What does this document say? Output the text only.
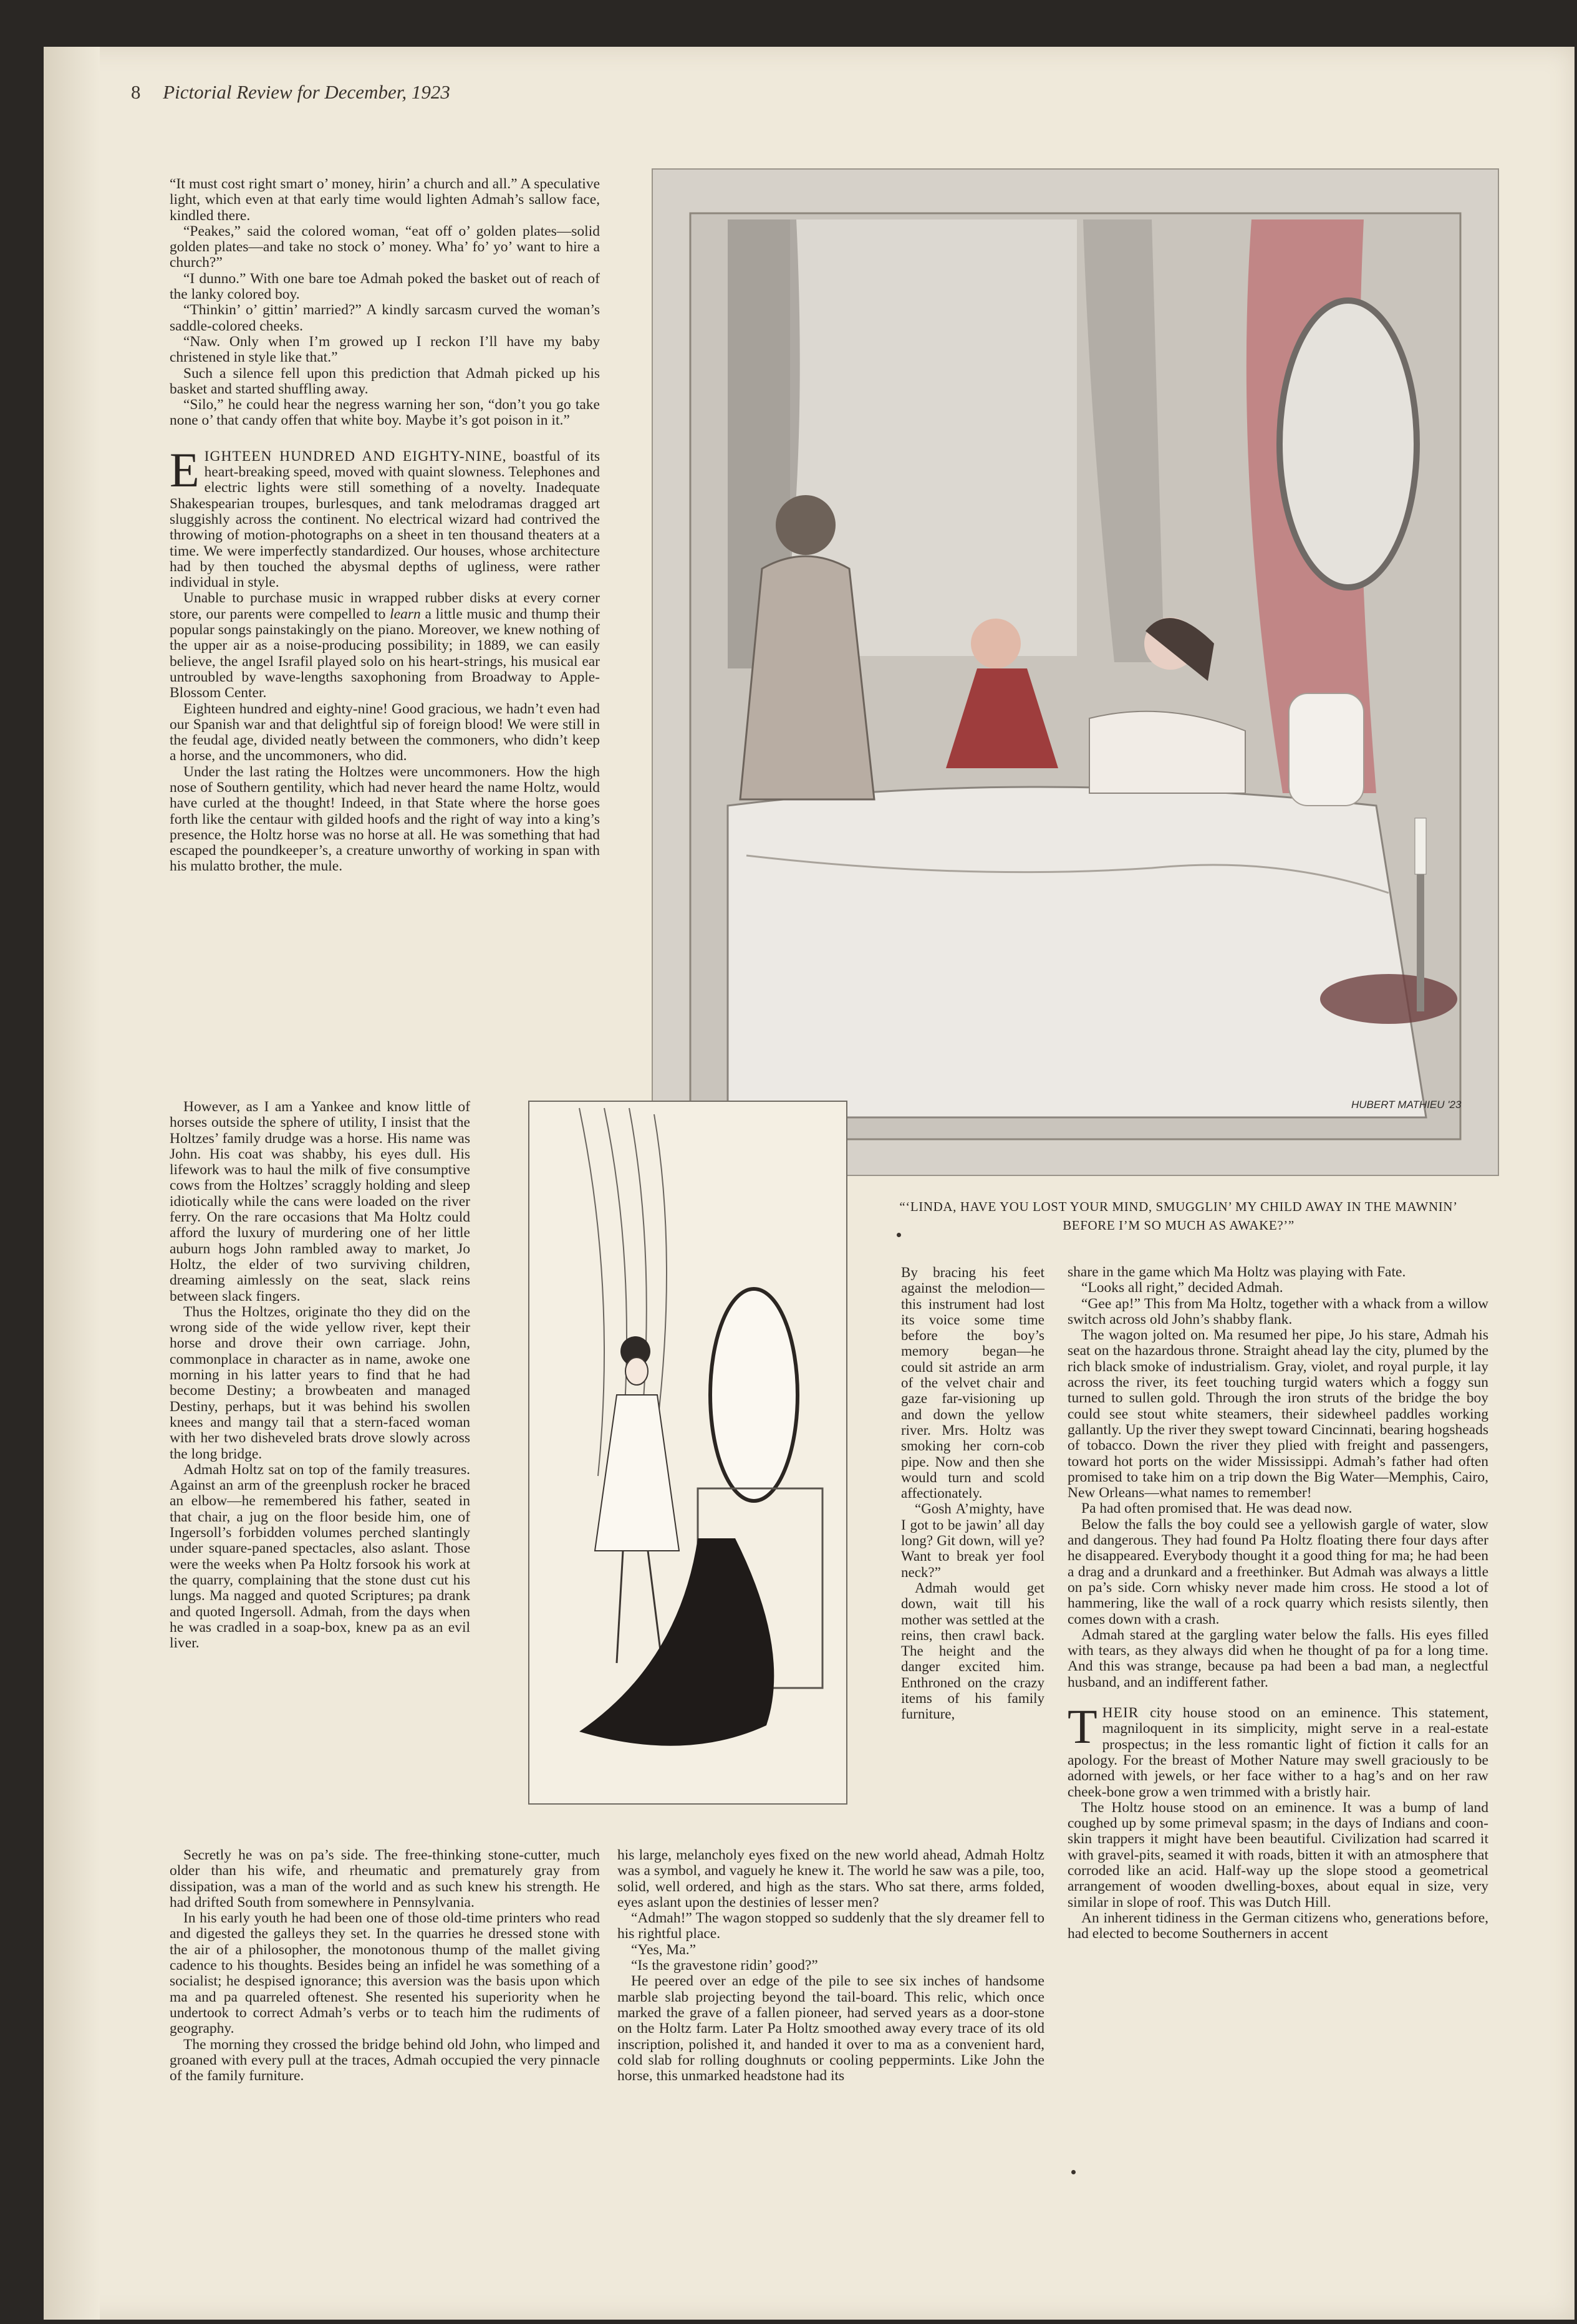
8 Pictorial Review for December, 1923

“It must cost right smart o’ money, hirin’ a church and all.” A speculative light, which even at that early time would lighten Admah’s sallow face, kindled there.

“Peakes,” said the colored woman, “eat off o’ golden plates—solid golden plates—and take no stock o’ money. Wha’ fo’ yo’ want to hire a church?”

“I dunno.” With one bare toe Admah poked the basket out of reach of the lanky colored boy.

“Thinkin’ o’ gittin’ married?” A kindly sarcasm curved the woman’s saddle-colored cheeks.

“Naw. Only when I’m growed up I reckon I’ll have my baby christened in style like that.”

Such a silence fell upon this prediction that Admah picked up his basket and started shuffling away.

“Silo,” he could hear the negress warning her son, “don’t you go take none o’ that candy offen that white boy. Maybe it’s got poison in it.”

EIGHTEEN HUNDRED AND EIGHTY-NINE, boastful of its heart-breaking speed, moved with quaint slowness. Telephones and electric lights were still something of a novelty. Inadequate Shakespearian troupes, burlesques, and tank melodramas dragged art sluggishly across the continent. No electrical wizard had contrived the throwing of motion-photographs on a sheet in ten thousand theaters at a time. We were imperfectly standardized. Our houses, whose architecture had by then touched the abysmal depths of ugliness, were rather individual in style.

Unable to purchase music in wrapped rubber disks at every corner store, our parents were compelled to learn a little music and thump their popular songs painstakingly on the piano. Moreover, we knew nothing of the upper air as a noise-producing possibility; in 1889, we can easily believe, the angel Israfil played solo on his heart-strings, his musical ear untroubled by wave-lengths saxophoning from Broadway to Apple-Blossom Center.

Eighteen hundred and eighty-nine! Good gracious, we hadn’t even had our Spanish war and that delightful sip of foreign blood! We were still in the feudal age, divided neatly between the commoners, who didn’t keep a horse, and the uncommoners, who did.

Under the last rating the Holtzes were uncommoners. How the high nose of Southern gentility, which had never heard the name Holtz, would have curled at the thought! Indeed, in that State where the horse goes forth like the centaur with gilded hoofs and the right of way into a king’s presence, the Holtz horse was no horse at all. He was something that had escaped the poundkeeper’s, a creature unworthy of working in span with his mulatto brother, the mule.

However, as I am a Yankee and know little of horses outside the sphere of utility, I insist that the Holtzes’ family drudge was a horse. His name was John. His coat was shabby, his eyes dull. His lifework was to haul the milk of five consumptive cows from the Holtzes’ scraggly holding and sleep idiotically while the cans were loaded on the river ferry. On the rare occasions that Ma Holtz could afford the luxury of murdering one of her little auburn hogs John rambled away to market, Jo Holtz, the elder of two surviving children, dreaming aimlessly on the seat, slack reins between slack fingers.

Thus the Holtzes, originate tho they did on the wrong side of the wide yellow river, kept their horse and drove their own carriage. John, commonplace in character as in name, awoke one morning in his latter years to find that he had become Destiny; a browbeaten and managed Destiny, perhaps, but it was behind his swollen knees and mangy tail that a stern-faced woman with her two disheveled brats drove slowly across the long bridge.

Admah Holtz sat on top of the family treasures. Against an arm of the greenplush rocker he braced an elbow—he remembered his father, seated in that chair, a jug on the floor beside him, one of Ingersoll’s forbidden volumes perched slantingly under square-paned spectacles, also aslant. Those were the weeks when Pa Holtz forsook his work at the quarry, complaining that the stone dust cut his lungs. Ma nagged and quoted Scriptures; pa drank and quoted Ingersoll. Admah, from the days when he was cradled in a soap-box, knew pa as an evil liver.

Secretly he was on pa’s side. The free-thinking stone-cutter, much older than his wife, and rheumatic and prematurely gray from dissipation, was a man of the world and as such knew his strength. He had drifted South from somewhere in Pennsylvania.

In his early youth he had been one of those old-time printers who read and digested the galleys they set. In the quarries he dressed stone with the air of a philosopher, the monotonous thump of the mallet giving cadence to his thoughts. Besides being an infidel he was something of a socialist; he despised ignorance; this aversion was the basis upon which ma and pa quarreled oftenest. She resented his superiority when he undertook to correct Admah’s verbs or to teach him the rudiments of geography.

The morning they crossed the bridge behind old John, who limped and groaned with every pull at the traces, Admah occupied the very pinnacle of the family furniture.

By bracing his feet against the melodion—this instrument had lost its voice some time before the boy’s memory began—he could sit astride an arm of the velvet chair and gaze far-visioning up and down the yellow river. Mrs. Holtz was smoking her corn-cob pipe. Now and then she would turn and scold affectionately.

“Gosh A’mighty, have I got to be jawin’ all day long? Git down, will ye? Want to break yer fool neck?”

Admah would get down, wait till his mother was settled at the reins, then crawl back. The height and the danger excited him. Enthroned on the crazy items of his family furniture,

his large, melancholy eyes fixed on the new world ahead, Admah Holtz was a symbol, and vaguely he knew it. The world he saw was a pile, too, solid, well ordered, and high as the stars. Who sat there, arms folded, eyes aslant upon the destinies of lesser men?

“Admah!” The wagon stopped so suddenly that the sly dreamer fell to his rightful place.

“Yes, Ma.”

“Is the gravestone ridin’ good?”

He peered over an edge of the pile to see six inches of handsome marble slab projecting beyond the tail-board. This relic, which once marked the grave of a fallen pioneer, had served years as a door-stone on the Holtz farm. Later Pa Holtz smoothed away every trace of its old inscription, polished it, and handed it over to ma as a convenient hard, cold slab for rolling doughnuts or cooling peppermints. Like John the horse, this unmarked headstone had its

share in the game which Ma Holtz was playing with Fate.

“Looks all right,” decided Admah.

“Gee ap!” This from Ma Holtz, together with a whack from a willow switch across old John’s shabby flank.

The wagon jolted on. Ma resumed her pipe, Jo his stare, Admah his seat on the hazardous throne. Straight ahead lay the city, plumed by the rich black smoke of industrialism. Gray, violet, and royal purple, it lay across the river, its feet touching turgid waters which a foggy sun turned to sullen gold. Through the iron struts of the bridge the boy could see stout white steamers, their sidewheel paddles working gallantly. Up the river they swept toward Cincinnati, bearing hogsheads of tobacco. Down the river they plied with freight and passengers, toward hot ports on the wider Mississippi. Admah’s father had often promised to take him on a trip down the Big Water—Memphis, Cairo, New Orleans—what names to remember!

Pa had often promised that. He was dead now.

Below the falls the boy could see a yellowish gargle of water, slow and dangerous. They had found Pa Holtz floating there four days after he disappeared. Everybody thought it a good thing for ma; he had been a drag and a drunkard and a freethinker. But Admah was always a little on pa’s side. Corn whisky never made him cross. He stood a lot of hammering, like the wall of a rock quarry which resists silently, then comes down with a crash.

Admah stared at the gargling water below the falls. His eyes filled with tears, as they always did when he thought of pa for a long time. And this was strange, because pa had been a bad man, a neglectful husband, and an indifferent father.

THEIR city house stood on an eminence. This statement, magniloquent in its simplicity, might serve in a real-estate prospectus; in the less romantic light of fiction it calls for an apology. For the breast of Mother Nature may swell graciously to be adorned with jewels, or her face wither to a hag’s and on her raw cheek-bone grow a wen trimmed with a bristly hair.

The Holtz house stood on an eminence. It was a bump of land coughed up by some primeval spasm; in the days of Indians and coon-skin trappers it might have been beautiful. Civilization had scarred it with gravel-pits, seamed it with roads, bitten it with an atmosphere that corroded like an acid. Half-way up the slope stood a geometrical arrangement of wooden dwelling-boxes, about equal in size, very similar in slope of roof. This was Dutch Hill.

An inherent tidiness in the German citizens who, generations before, had elected to become Southerners in accent

HUBERT MATHIEU '23
“‘LINDA, HAVE YOU LOST YOUR MIND, SMUGGLIN’ MY CHILD AWAY IN THE MAWNIN’ BEFORE I’M SO MUCH AS AWAKE?’”
